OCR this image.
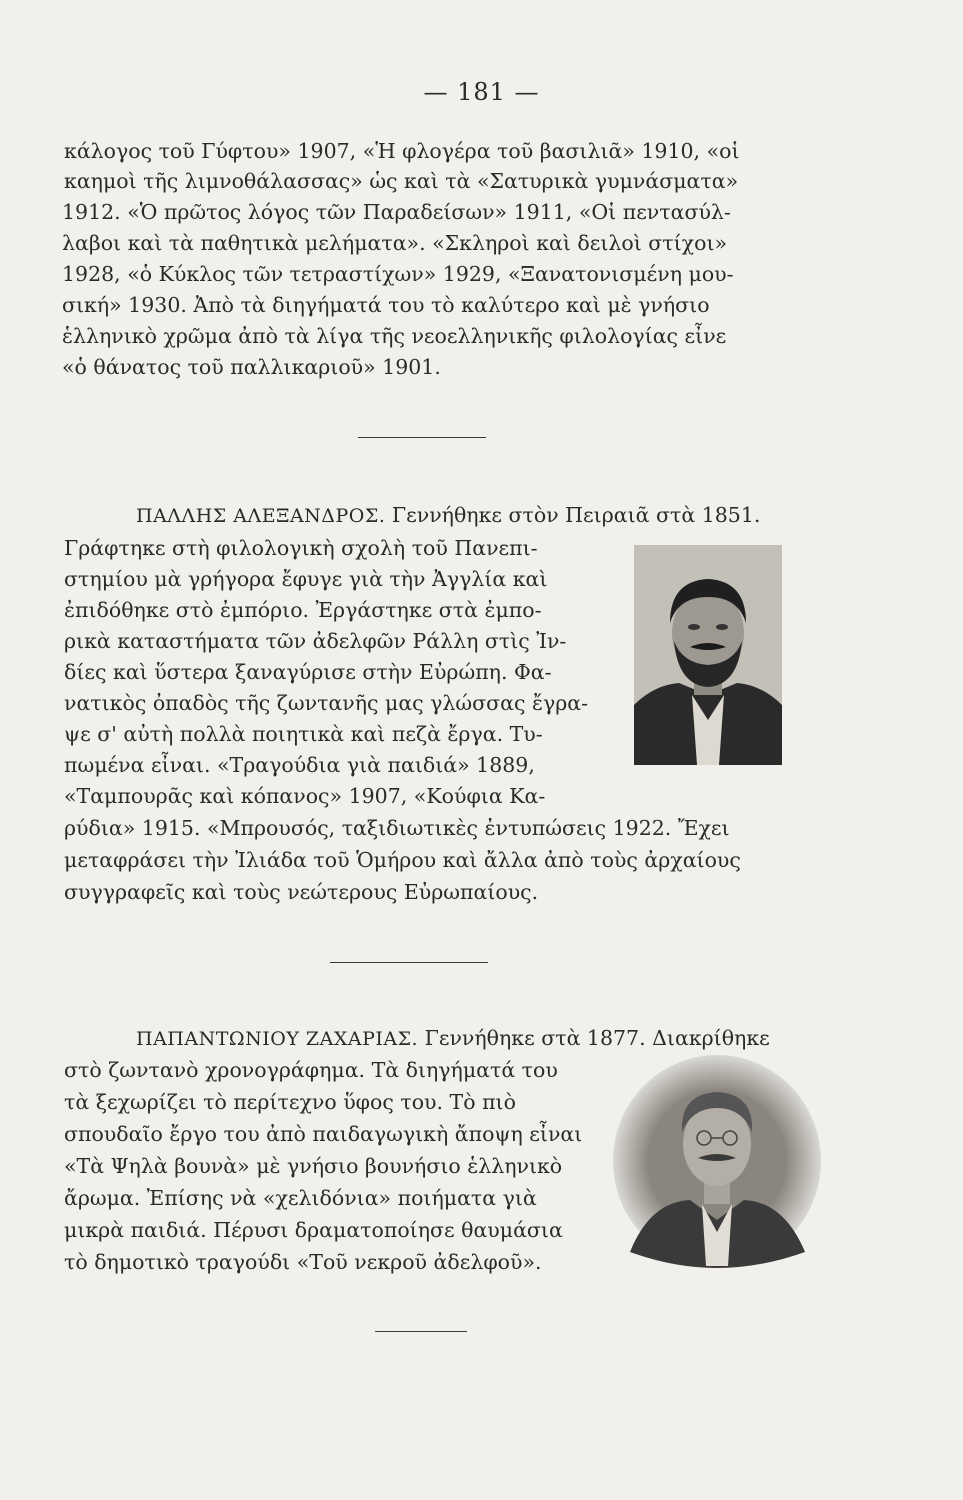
— 181 —
κάλογος τοῦ Γύφτου» 1907, «Ἡ φλογέρα τοῦ βασιλιᾶ» 1910, «οἱ
καημοὶ τῆς λιμνοθάλασσας» ὡς καὶ τὰ «Σατυρικὰ γυμνάσματα»
1912. «Ὁ πρῶτος λόγος τῶν Παραδείσων» 1911, «Οἱ πεντασύλ-
λαβοι καὶ τὰ παθητικὰ μελήματα». «Σκληροὶ καὶ δειλοὶ στίχοι»
1928, «ὁ Κύκλος τῶν τετραστίχων» 1929, «Ξανατονισμένη μου-
σική» 1930. Ἀπὸ τὰ διηγήματά του τὸ καλύτερο καὶ μὲ γνήσιο
ἑλληνικὸ χρῶμα ἀπὸ τὰ λίγα τῆς νεοελληνικῆς φιλολογίας εἶνε
«ὁ θάνατος τοῦ παλλικαριοῦ» 1901.
ΠΑΛΛΗΣ ΑΛΕΞΑΝΔΡΟΣ. Γεννήθηκε στὸν Πειραιᾶ στὰ 1851.
Γράφτηκε στὴ φιλολογικὴ σχολὴ τοῦ Πανεπι-
στημίου μὰ γρήγορα ἔφυγε γιὰ τὴν Ἀγγλία καὶ
ἐπιδόθηκε στὸ ἐμπόριο. Ἐργάστηκε στὰ ἐμπο-
ρικὰ καταστήματα τῶν ἀδελφῶν Ράλλη στὶς Ἰν-
δίες καὶ ὕστερα ξαναγύρισε στὴν Εὐρώπη. Φα-
νατικὸς ὀπαδὸς τῆς ζωντανῆς μας γλώσσας ἔγρα-
ψε σ' αὐτὴ πολλὰ ποιητικὰ καὶ πεζὰ ἔργα. Τυ-
πωμένα εἶναι. «Τραγούδια γιὰ παιδιά» 1889,
«Ταμπουρᾶς καὶ κόπανος» 1907, «Κούφια Κα-
ρύδια» 1915. «Μπρουσός, ταξιδιωτικὲς ἐντυπώσεις 1922. Ἔχει
μεταφράσει τὴν Ἰλιάδα τοῦ Ὁμήρου καὶ ἄλλα ἀπὸ τοὺς ἀρχαίους
συγγραφεῖς καὶ τοὺς νεώτερους Εὐρωπαίους.
ΠΑΠΑΝΤΩΝΙΟΥ ΖΑΧΑΡΙΑΣ. Γεννήθηκε στὰ 1877. Διακρίθηκε
στὸ ζωντανὸ χρονογράφημα. Τὰ διηγήματά του
τὰ ξεχωρίζει τὸ περίτεχνο ὕφος του. Τὸ πιὸ
σπουδαῖο ἔργο του ἀπὸ παιδαγωγικὴ ἄποψη εἶναι
«Τὰ Ψηλὰ βουνὰ» μὲ γνήσιο βουνήσιο ἑλληνικὸ
ἄρωμα. Ἐπίσης νὰ «χελιδόνια» ποιήματα γιὰ
μικρὰ παιδιά. Πέρυσι δραματοποίησε θαυμάσια
τὸ δημοτικὸ τραγούδι «Τοῦ νεκροῦ ἀδελφοῦ».
